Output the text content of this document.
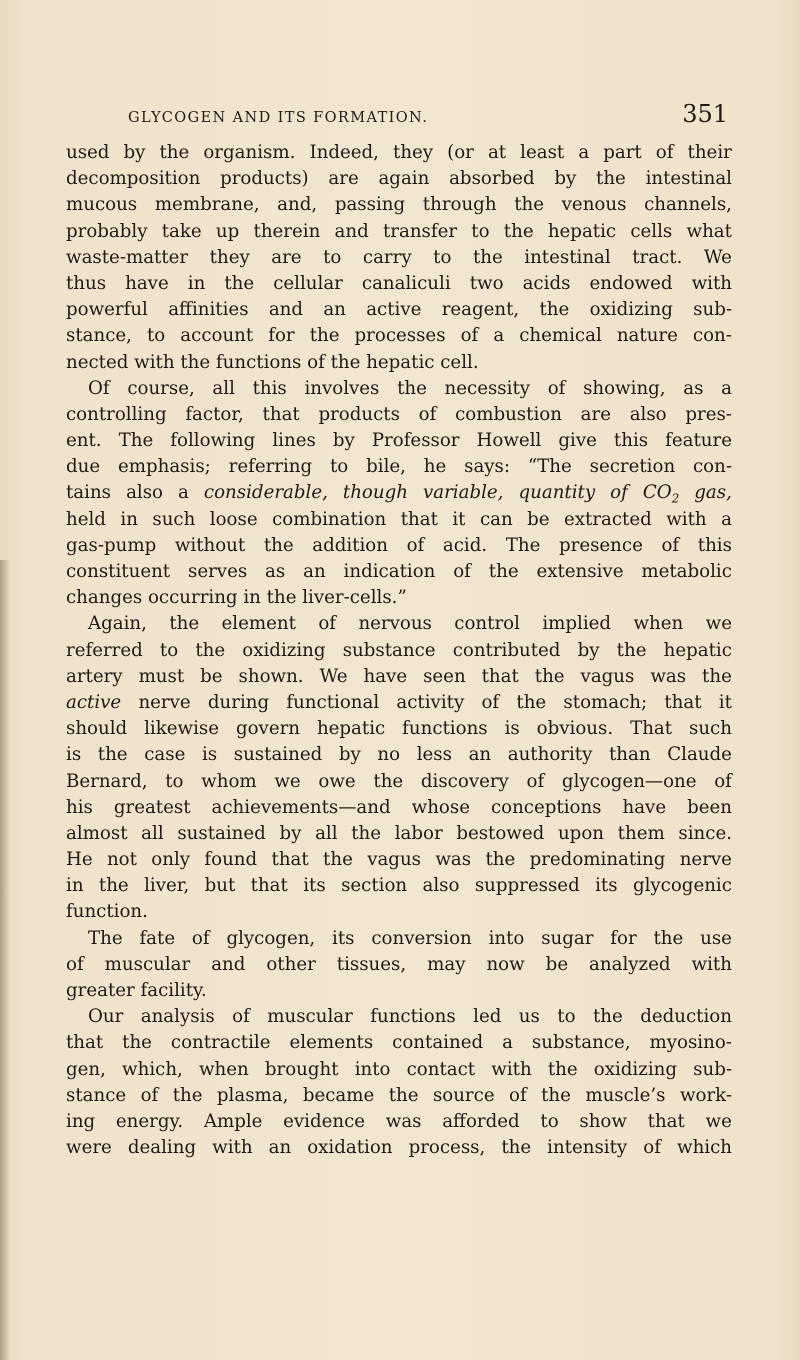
GLYCOGEN AND ITS FORMATION.	351
used by the organism. Indeed, they (or at least a part of their
decomposition products) are again absorbed by the intestinal
mucous membrane, and, passing through the venous channels,
probably take up therein and transfer to the hepatic cells what
waste-matter they are to carry to the intestinal tract. We
thus have in the cellular canaliculi two acids endowed with
powerful affinities and an active reagent, the oxidizing sub-
stance, to account for the processes of a chemical nature con-
nected with the functions of the hepatic cell.
Of course, all this involves the necessity of showing, as a
controlling factor, that products of combustion are also pres-
ent. The following lines by Professor Howell give this feature
due emphasis; referring to bile, he says: “The secretion con-
tains also a considerable, though variable, quantity of $CO_2$ gas,
held in such loose combination that it can be extracted with a
gas-pump without the addition of acid. The presence of this
constituent serves as an indication of the extensive metabolic
changes occurring in the liver-cells.”
Again, the element of nervous control implied when we
referred to the oxidizing substance contributed by the hepatic
artery must be shown. We have seen that the vagus was the
active nerve during functional activity of the stomach; that it
should likewise govern hepatic functions is obvious. That such
is the case is sustained by no less an authority than Claude
Bernard, to whom we owe the discovery of glycogen—one of
his greatest achievements—and whose conceptions have been
almost all sustained by all the labor bestowed upon them since.
He not only found that the vagus was the predominating nerve
in the liver, but that its section also suppressed its glycogenic
function.
The fate of glycogen, its conversion into sugar for the use
of muscular and other tissues, may now be analyzed with
greater facility.
Our analysis of muscular functions led us to the deduction
that the contractile elements contained a substance, myosino-
gen, which, when brought into contact with the oxidizing sub-
stance of the plasma, became the source of the muscle’s work-
ing energy. Ample evidence was afforded to show that we
were dealing with an oxidation process, the intensity of which
